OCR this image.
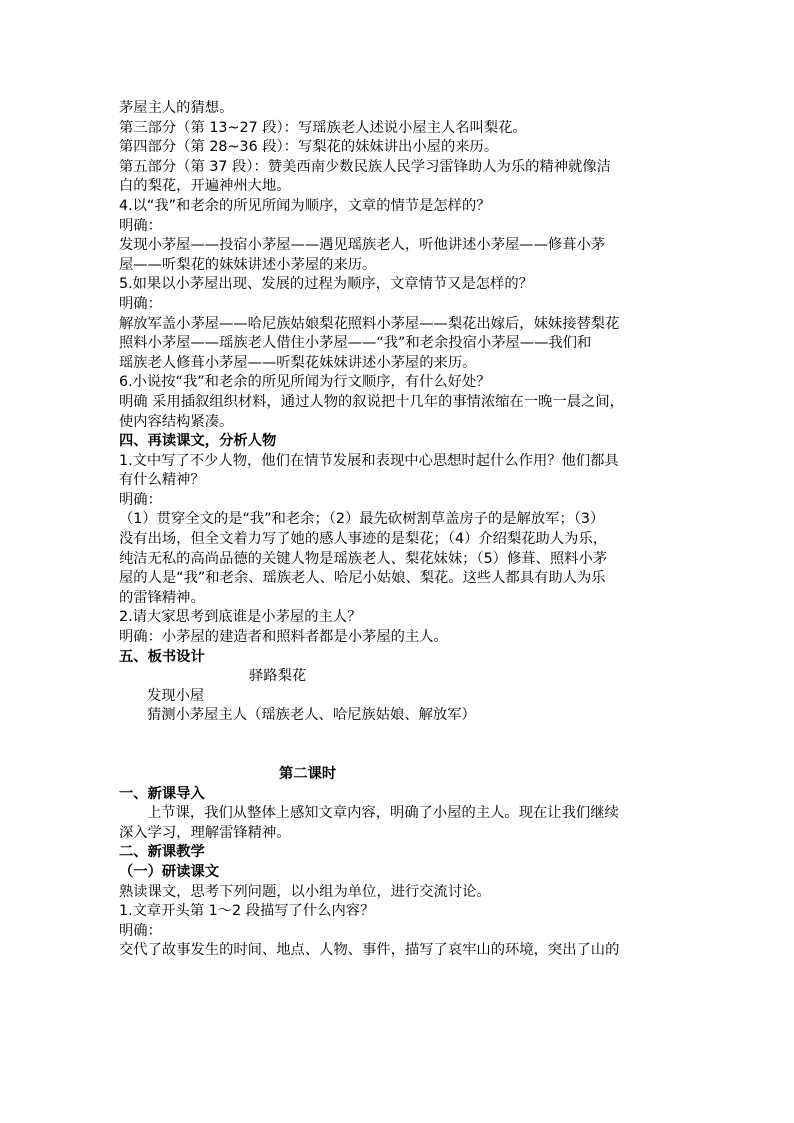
茅屋主人的猜想。
第三部分（第 13~27 段）：写瑶族老人述说小屋主人名叫梨花。
第四部分（第 28~36 段）：写梨花的妹妹讲出小屋的来历。
第五部分（第 37 段）：赞美西南少数民族人民学习雷锋助人为乐的精神就像洁
白的梨花，开遍神州大地。
4.以“我”和老余的所见所闻为顺序，文章的情节是怎样的？
明确：
发现小茅屋——投宿小茅屋——遇见瑶族老人，听他讲述小茅屋——修葺小茅
屋——听梨花的妹妹讲述小茅屋的来历。
5.如果以小茅屋出现、发展的过程为顺序，文章情节又是怎样的？
明确：
解放军盖小茅屋——哈尼族姑娘梨花照料小茅屋——梨花出嫁后，妹妹接替梨花
照料小茅屋——瑶族老人借住小茅屋——“我”和老余投宿小茅屋——我们和
瑶族老人修葺小茅屋——听梨花妹妹讲述小茅屋的来历。
6.小说按“我”和老余的所见所闻为行文顺序，有什么好处？
明确 采用插叙组织材料，通过人物的叙说把十几年的事情浓缩在一晚一晨之间，
使内容结构紧凑。
四、再读课文，分析人物
1.文中写了不少人物，他们在情节发展和表现中心思想时起什么作用？他们都具
有什么精神？
明确：
（1）贯穿全文的是“我”和老余；（2）最先砍树割草盖房子的是解放军；（3）
没有出场，但全文着力写了她的感人事迹的是梨花；（4）介绍梨花助人为乐，
纯洁无私的高尚品德的关键人物是瑶族老人、梨花妹妹；（5）修葺、照料小茅
屋的人是“我”和老余、瑶族老人、哈尼小姑娘、梨花。这些人都具有助人为乐
的雷锋精神。
2.请大家思考到底谁是小茅屋的主人？
明确：小茅屋的建造者和照料者都是小茅屋的主人。
五、板书设计
驿路梨花
发现小屋
猜测小茅屋主人（瑶族老人、哈尼族姑娘、解放军）
第二课时
一、新课导入
上节课，我们从整体上感知文章内容，明确了小屋的主人。现在让我们继续
深入学习，理解雷锋精神。
二、新课教学
（一）研读课文
熟读课文，思考下列问题，以小组为单位，进行交流讨论。
1.文章开头第 1～2 段描写了什么内容？
明确：
交代了故事发生的时间、地点、人物、事件，描写了哀牢山的环境，突出了山的
